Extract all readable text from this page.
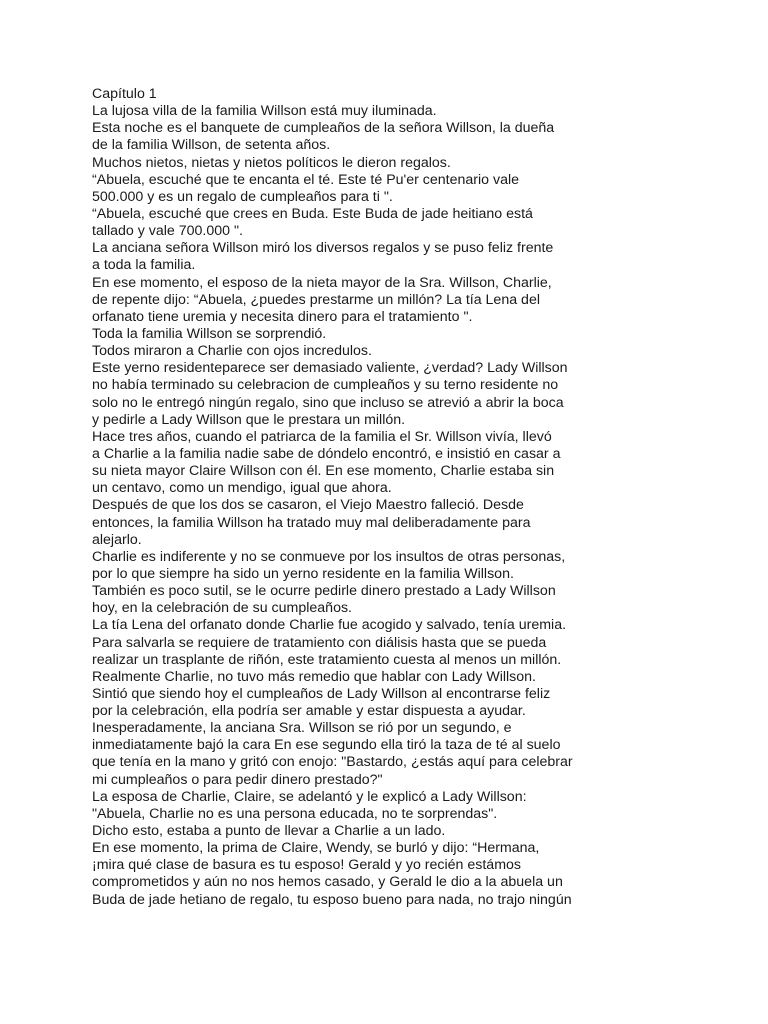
Capítulo 1
La lujosa villa de la familia Willson está muy iluminada.
Esta noche es el banquete de cumpleaños de la señora Willson, la dueña
de la familia Willson, de setenta años.
Muchos nietos, nietas y nietos políticos le dieron regalos.
“Abuela, escuché que te encanta el té. Este té Pu'er centenario vale
500.000 y es un regalo de cumpleaños para ti ".
“Abuela, escuché que crees en Buda. Este Buda de jade heitiano está
tallado y vale 700.000 ".
La anciana señora Willson miró los diversos regalos y se puso feliz frente
a toda la familia.
En ese momento, el esposo de la nieta mayor de la Sra. Willson, Charlie,
de repente dijo: “Abuela, ¿puedes prestarme un millón? La tía Lena del
orfanato tiene uremia y necesita dinero para el tratamiento ".
Toda la familia Willson se sorprendió.
Todos miraron a Charlie con ojos incredulos.
Este yerno residenteparece ser demasiado valiente, ¿verdad? Lady Willson
no había terminado su celebracion de cumpleaños y su terno residente no
solo no le entregó ningún regalo, sino que incluso se atrevió a abrir la boca
y pedirle a Lady Willson que le prestara un millón.
Hace tres años, cuando el patriarca de la familia el Sr. Willson vivía, llevó
a Charlie a la familia nadie sabe de dóndelo encontró, e insistió en casar a
su nieta mayor Claire Willson con él. En ese momento, Charlie estaba sin
un centavo, como un mendigo, igual que ahora.
Después de que los dos se casaron, el Viejo Maestro falleció. Desde
entonces, la familia Willson ha tratado muy mal deliberadamente para
alejarlo.
Charlie es indiferente y no se conmueve por los insultos de otras personas,
por lo que siempre ha sido un yerno residente en la familia Willson.
También es poco sutil, se le ocurre pedirle dinero prestado a Lady Willson
hoy, en la celebración de su cumpleaños.
La tía Lena del orfanato donde Charlie fue acogido y salvado, tenía uremia.
Para salvarla se requiere de tratamiento con diálisis hasta que se pueda
realizar un trasplante de riñón, este tratamiento cuesta al menos un millón.
Realmente Charlie, no tuvo más remedio que hablar con Lady Willson.
Sintió que siendo hoy el cumpleaños de Lady Willson al encontrarse feliz
por la celebración, ella podría ser amable y estar dispuesta a ayudar.
Inesperadamente, la anciana Sra. Willson se rió por un segundo, e
inmediatamente bajó la cara En ese segundo ella tiró la taza de té al suelo
que tenía en la mano y gritó con enojo: "Bastardo, ¿estás aquí para celebrar
mi cumpleaños o para pedir dinero prestado?"
La esposa de Charlie, Claire, se adelantó y le explicó a Lady Willson:
"Abuela, Charlie no es una persona educada, no te sorprendas".
Dicho esto, estaba a punto de llevar a Charlie a un lado.
En ese momento, la prima de Claire, Wendy, se burló y dijo: “Hermana,
¡mira qué clase de basura es tu esposo! Gerald y yo recién estámos
comprometidos y aún no nos hemos casado, y Gerald le dio a la abuela un
Buda de jade hetiano de regalo, tu esposo bueno para nada, no trajo ningún
